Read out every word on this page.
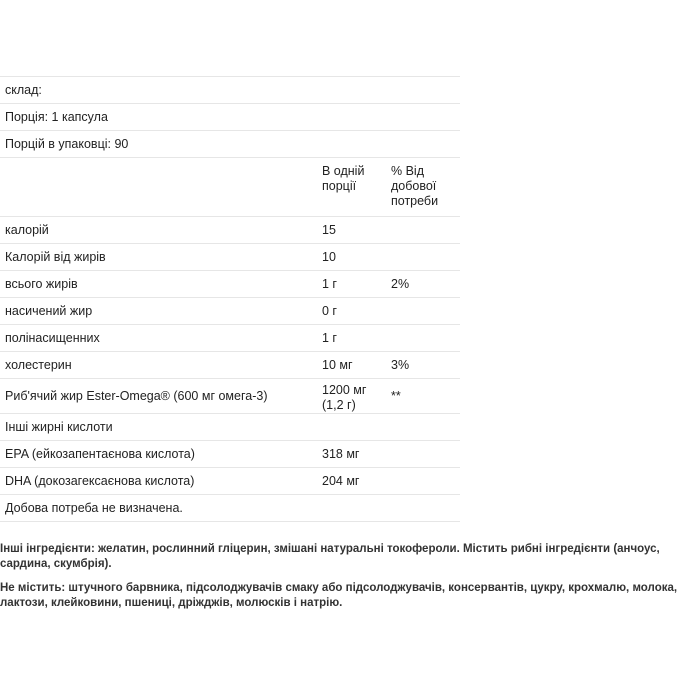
склад:		
Порція: 1 капсула		
Порцій в упаковці: 90		
	В одній порції	% Від добової потреби
калорій	15	
Калорій від жирів	10	
всього жирів	1 г	2%
насичений жир	0 г	
полінасищенних	1 г	
холестерин	10 мг	3%
Риб'ячий жир Ester-Omega® (600 мг омега-3)	1200 мг (1,2 г)	**
Інші жирні кислоти		
EPA (ейкозапентаєнова кислота)	318 мг	
DHA (докозагексаєнова кислота)	204 мг	
Добова потреба не визначена.		

Інші інгредієнти: желатин, рослинний гліцерин, змішані натуральні токофероли. Містить рибні інгредієнти (анчоус, сардина, скумбрія).

Не містить: штучного барвника, підсолоджувачів смаку або підсолоджувачів, консервантів, цукру, крохмалю, молока, лактози, клейковини, пшениці, дріжджів, молюсків і натрію.
